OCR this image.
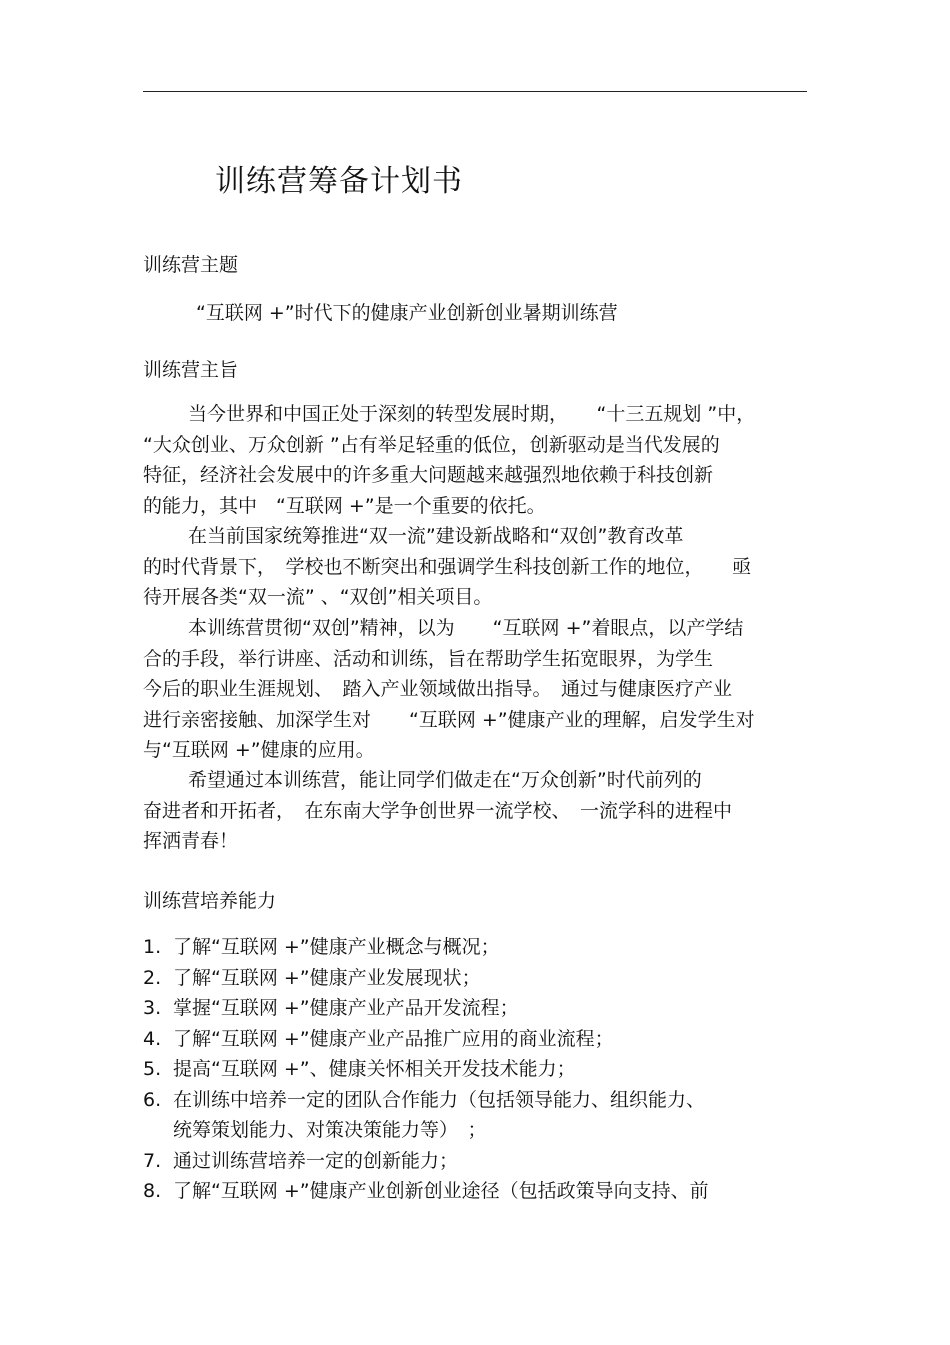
训练营筹备计划书
训练营主题
“互联网 +”时代下的健康产业创新创业暑期训练营
训练营主旨
当今世界和中国正处于深刻的转型发展时期，　　“十三五规划 ”中，
“大众创业、万众创新 ”占有举足轻重的低位，创新驱动是当代发展的
特征，经济社会发展中的许多重大问题越来越强烈地依赖于科技创新
的能力，其中　“互联网 +”是一个重要的依托。
在当前国家统筹推进“双一流”建设新战略和“双创”教育改革
的时代背景下，　学校也不断突出和强调学生科技创新工作的地位，　　亟
待开展各类“双一流” 、“双创”相关项目。
本训练营贯彻“双创”精神，以为　　“互联网 +”着眼点，以产学结
合的手段，举行讲座、活动和训练，旨在帮助学生拓宽眼界，为学生
今后的职业生涯规划、　踏入产业领域做出指导。　通过与健康医疗产业
进行亲密接触、加深学生对　　“互联网 +”健康产业的理解，启发学生对
与“互联网 +”健康的应用。
希望通过本训练营，能让同学们做走在“万众创新”时代前列的
奋进者和开拓者，　在东南大学争创世界一流学校、　一流学科的进程中
挥洒青春！
训练营培养能力
1. 了解“互联网 +”健康产业概念与概况；
2. 了解“互联网 +”健康产业发展现状；
3. 掌握“互联网 +”健康产业产品开发流程；
4. 了解“互联网 +”健康产业产品推广应用的商业流程；
5. 提高“互联网 +”、健康关怀相关开发技术能力；
6. 在训练中培养一定的团队合作能力（包括领导能力、组织能力、
统筹策划能力、对策决策能力等）　；
7. 通过训练营培养一定的创新能力；
8. 了解“互联网 +”健康产业创新创业途径（包括政策导向支持、前
